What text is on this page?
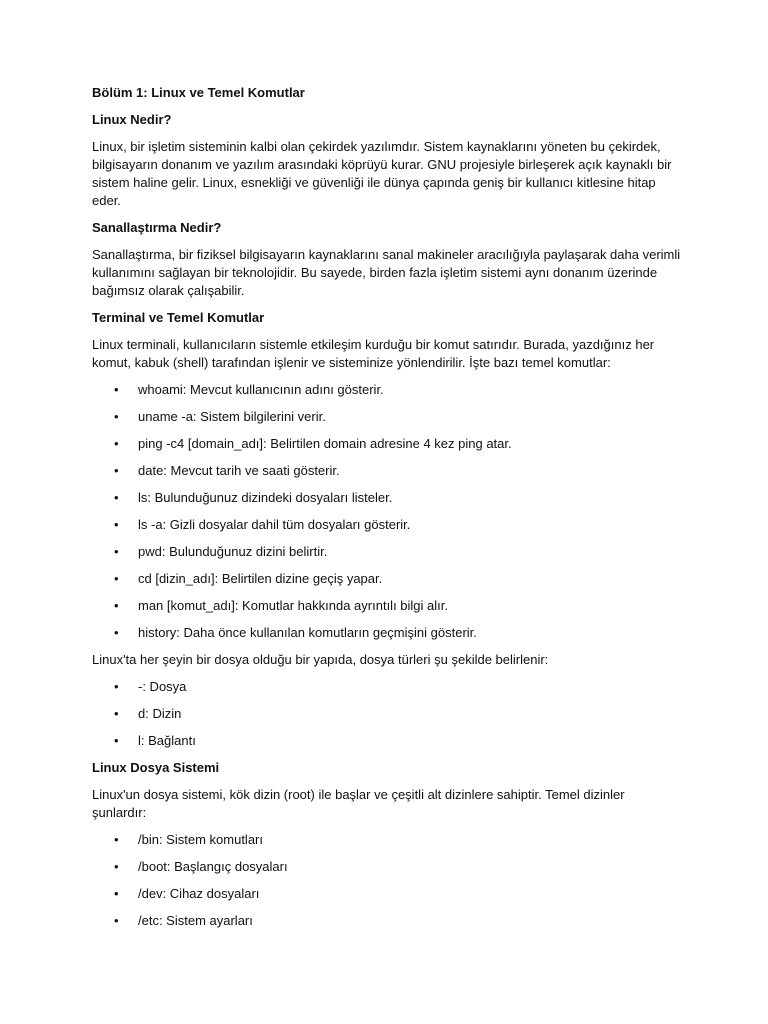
Bölüm 1: Linux ve Temel Komutlar

Linux Nedir?

Linux, bir işletim sisteminin kalbi olan çekirdek yazılımdır. Sistem kaynaklarını yöneten bu çekirdek, bilgisayarın donanım ve yazılım arasındaki köprüyü kurar. GNU projesiyle birleşerek açık kaynaklı bir sistem haline gelir. Linux, esnekliği ve güvenliği ile dünya çapında geniş bir kullanıcı kitlesine hitap eder.

Sanallaştırma Nedir?

Sanallaştırma, bir fiziksel bilgisayarın kaynaklarını sanal makineler aracılığıyla paylaşarak daha verimli kullanımını sağlayan bir teknolojidir. Bu sayede, birden fazla işletim sistemi aynı donanım üzerinde bağımsız olarak çalışabilir.

Terminal ve Temel Komutlar

Linux terminali, kullanıcıların sistemle etkileşim kurduğu bir komut satırıdır. Burada, yazdığınız her komut, kabuk (shell) tarafından işlenir ve sisteminize yönlendirilir. İşte bazı temel komutlar:

• whoami: Mevcut kullanıcının adını gösterir.
• uname -a: Sistem bilgilerini verir.
• ping -c4 [domain_adı]: Belirtilen domain adresine 4 kez ping atar.
• date: Mevcut tarih ve saati gösterir.
• ls: Bulunduğunuz dizindeki dosyaları listeler.
• ls -a: Gizli dosyalar dahil tüm dosyaları gösterir.
• pwd: Bulunduğunuz dizini belirtir.
• cd [dizin_adı]: Belirtilen dizine geçiş yapar.
• man [komut_adı]: Komutlar hakkında ayrıntılı bilgi alır.
• history: Daha önce kullanılan komutların geçmişini gösterir.

Linux'ta her şeyin bir dosya olduğu bir yapıda, dosya türleri şu şekilde belirlenir:

• -: Dosya
• d: Dizin
• l: Bağlantı

Linux Dosya Sistemi

Linux'un dosya sistemi, kök dizin (root) ile başlar ve çeşitli alt dizinlere sahiptir. Temel dizinler şunlardır:

• /bin: Sistem komutları
• /boot: Başlangıç dosyaları
• /dev: Cihaz dosyaları
• /etc: Sistem ayarları
